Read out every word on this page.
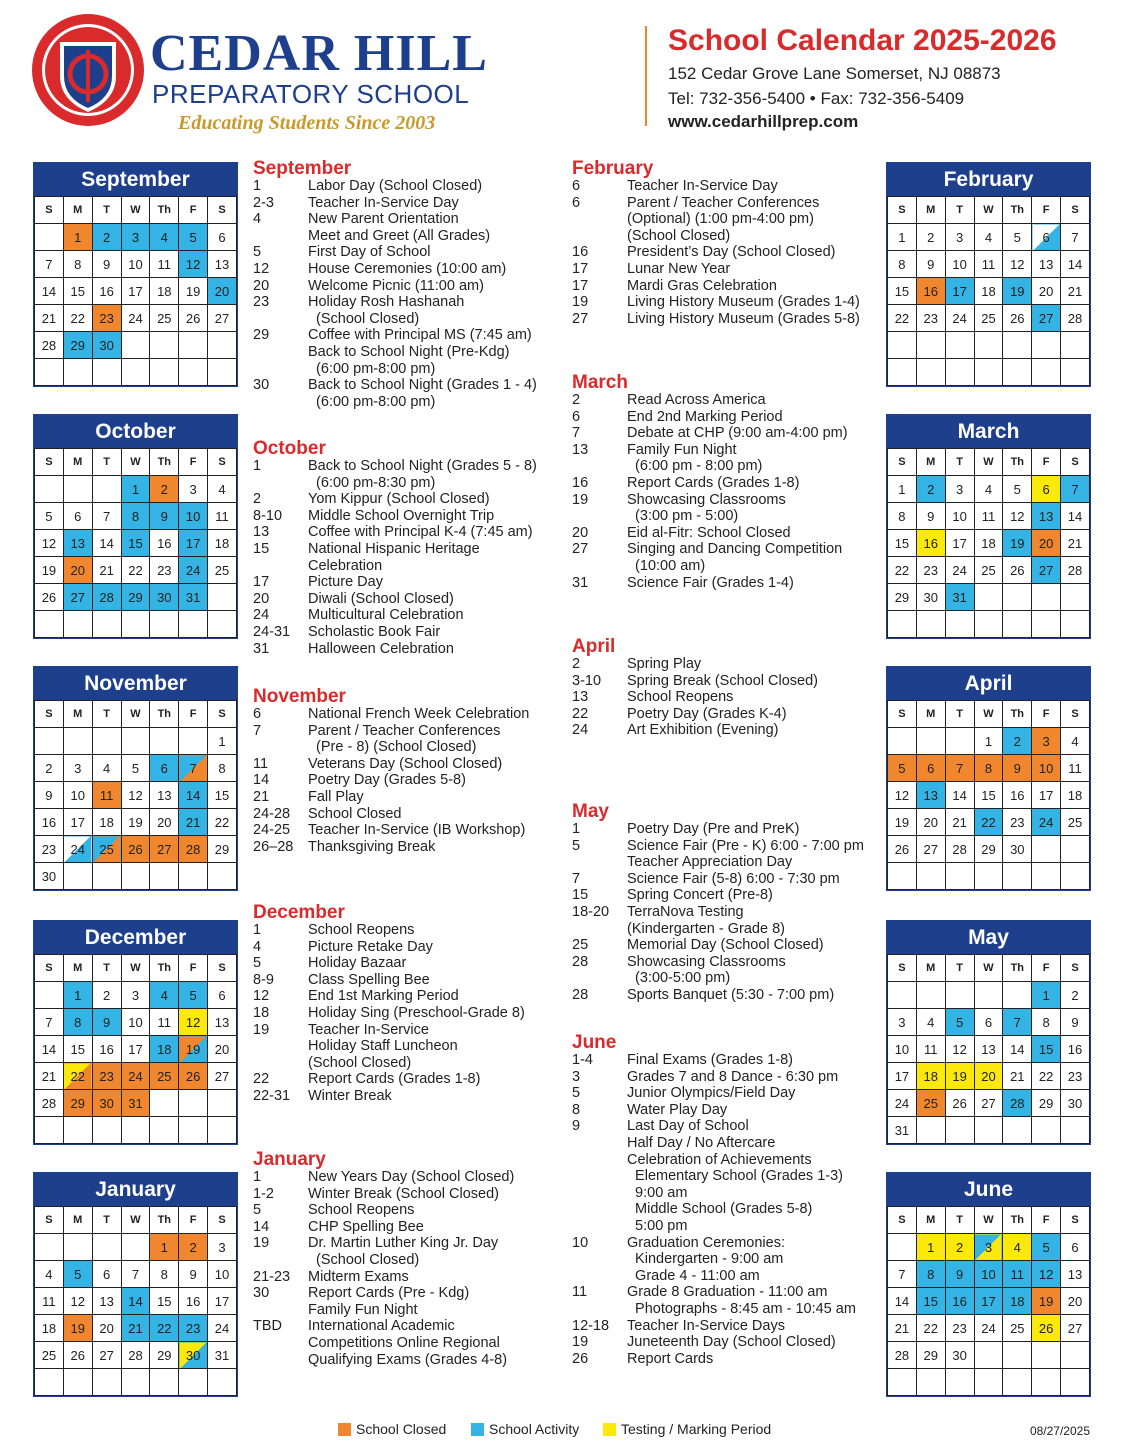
CEDAR HILL
PREPARATORY SCHOOL
Educating Students Since 2003
School Calendar 2025-2026
152 Cedar Grove Lane Somerset, NJ 08873
Tel: 732-356-5400 • Fax: 732-356-5409
www.cedarhillprep.com
September
S	M	T	W	Th	F	S
	1	2	3	4	5	6
7	8	9	10	11	12	13
14	15	16	17	18	19	20
21	22	23	24	25	26	27
28	29	30				

October
S	M	T	W	Th	F	S
			1	2	3	4
5	6	7	8	9	10	11
12	13	14	15	16	17	18
19	20	21	22	23	24	25
26	27	28	29	30	31	

November
S	M	T	W	Th	F	S
						1
2	3	4	5	6	7	8
9	10	11	12	13	14	15
16	17	18	19	20	21	22
23	24	25	26	27	28	29
30						
December
S	M	T	W	Th	F	S
	1	2	3	4	5	6
7	8	9	10	11	12	13
14	15	16	17	18	19	20
21	22	23	24	25	26	27
28	29	30	31			

January
S	M	T	W	Th	F	S
				1	2	3
4	5	6	7	8	9	10
11	12	13	14	15	16	17
18	19	20	21	22	23	24
25	26	27	28	29	30	31

February
S	M	T	W	Th	F	S
1	2	3	4	5	6	7
8	9	10	11	12	13	14
15	16	17	18	19	20	21
22	23	24	25	26	27	28

March
S	M	T	W	Th	F	S
1	2	3	4	5	6	7
8	9	10	11	12	13	14
15	16	17	18	19	20	21
22	23	24	25	26	27	28
29	30	31				

April
S	M	T	W	Th	F	S
			1	2	3	4
5	6	7	8	9	10	11
12	13	14	15	16	17	18
19	20	21	22	23	24	25
26	27	28	29	30		

May
S	M	T	W	Th	F	S
					1	2
3	4	5	6	7	8	9
10	11	12	13	14	15	16
17	18	19	20	21	22	23
24	25	26	27	28	29	30
31						
June
S	M	T	W	Th	F	S
	1	2	3	4	5	6
7	8	9	10	11	12	13
14	15	16	17	18	19	20
21	22	23	24	25	26	27
28	29	30				

September
1	Labor Day (School Closed)
2-3	Teacher In-Service Day
4	New Parent Orientation
Meet and Greet (All Grades)
5	First Day of School
12	House Ceremonies (10:00 am)
20	Welcome Picnic (11:00 am)
23	Holiday Rosh Hashanah
(School Closed)
29	Coffee with Principal MS (7:45 am)
Back to School Night (Pre-Kdg)
(6:00 pm-8:00 pm)
30	Back to School Night (Grades 1 - 4)
(6:00 pm-8:00 pm)
October
1	Back to School Night (Grades 5 - 8)
(6:00 pm-8:30 pm)
2	Yom Kippur (School Closed)
8-10	Middle School Overnight Trip
13	Coffee with Principal K-4 (7:45 am)
15	National Hispanic Heritage
Celebration
17	Picture Day
20	Diwali (School Closed)
24	Multicultural Celebration
24-31	Scholastic Book Fair
31	Halloween Celebration
November
6	National French Week Celebration
7	Parent / Teacher Conferences
(Pre - 8) (School Closed)
11	Veterans Day (School Closed)
14	Poetry Day (Grades 5-8)
21	Fall Play
24-28	School Closed
24-25	Teacher In-Service (IB Workshop)
26–28	Thanksgiving Break
December
1	School Reopens
4	Picture Retake Day
5	Holiday Bazaar
8-9	Class Spelling Bee
12	End 1st Marking Period
18	Holiday Sing (Preschool-Grade 8)
19	Teacher In-Service
Holiday Staff Luncheon
(School Closed)
22	Report Cards (Grades 1-8)
22-31	Winter Break
January
1	New Years Day (School Closed)
1-2	Winter Break (School Closed)
5	School Reopens
14	CHP Spelling Bee
19	Dr. Martin Luther King Jr. Day
(School Closed)
21-23	Midterm Exams
30	Report Cards (Pre - Kdg)
Family Fun Night
TBD	International Academic
Competitions Online Regional
Qualifying Exams (Grades 4-8)
February
6	Teacher In-Service Day
6	Parent / Teacher Conferences
(Optional) (1:00 pm-4:00 pm)
(School Closed)
16	President’s Day (School Closed)
17	Lunar New Year
17	Mardi Gras Celebration
19	Living History Museum (Grades 1-4)
27	Living History Museum (Grades 5-8)
March
2	Read Across America
6	End 2nd Marking Period
7	Debate at CHP (9:00 am-4:00 pm)
13	Family Fun Night
(6:00 pm - 8:00 pm)
16	Report Cards (Grades 1-8)
19	Showcasing Classrooms
(3:00 pm - 5:00)
20	Eid al-Fitr: School Closed
27	Singing and Dancing Competition
(10:00 am)
31	Science Fair (Grades 1-4)
April
2	Spring Play
3-10	Spring Break (School Closed)
13	School Reopens
22	Poetry Day (Grades K-4)
24	Art Exhibition (Evening)
May
1	Poetry Day (Pre and PreK)
5	Science Fair (Pre - K) 6:00 - 7:00 pm
Teacher Appreciation Day
7	Science Fair (5-8) 6:00 - 7:30 pm
15	Spring Concert (Pre-8)
18-20	TerraNova Testing
(Kindergarten - Grade 8)
25	Memorial Day (School Closed)
28	Showcasing Classrooms
(3:00-5:00 pm)
28	Sports Banquet (5:30 - 7:00 pm)
June
1-4	Final Exams (Grades 1-8)
3	Grades 7 and 8 Dance - 6:30 pm
5	Junior Olympics/Field Day
8	Water Play Day
9	Last Day of School
Half Day / No Aftercare
Celebration of Achievements
Elementary School (Grades 1-3)
9:00 am
Middle School (Grades 5-8)
5:00 pm
10	Graduation Ceremonies:
Kindergarten - 9:00 am
Grade 4 - 11:00 am
11	Grade 8 Graduation - 11:00 am
Photographs - 8:45 am - 10:45 am
12-18	Teacher In-Service Days
19	Juneteenth Day (School Closed)
26	Report Cards
School Closed	School Activity	Testing / Marking Period	08/27/2025
